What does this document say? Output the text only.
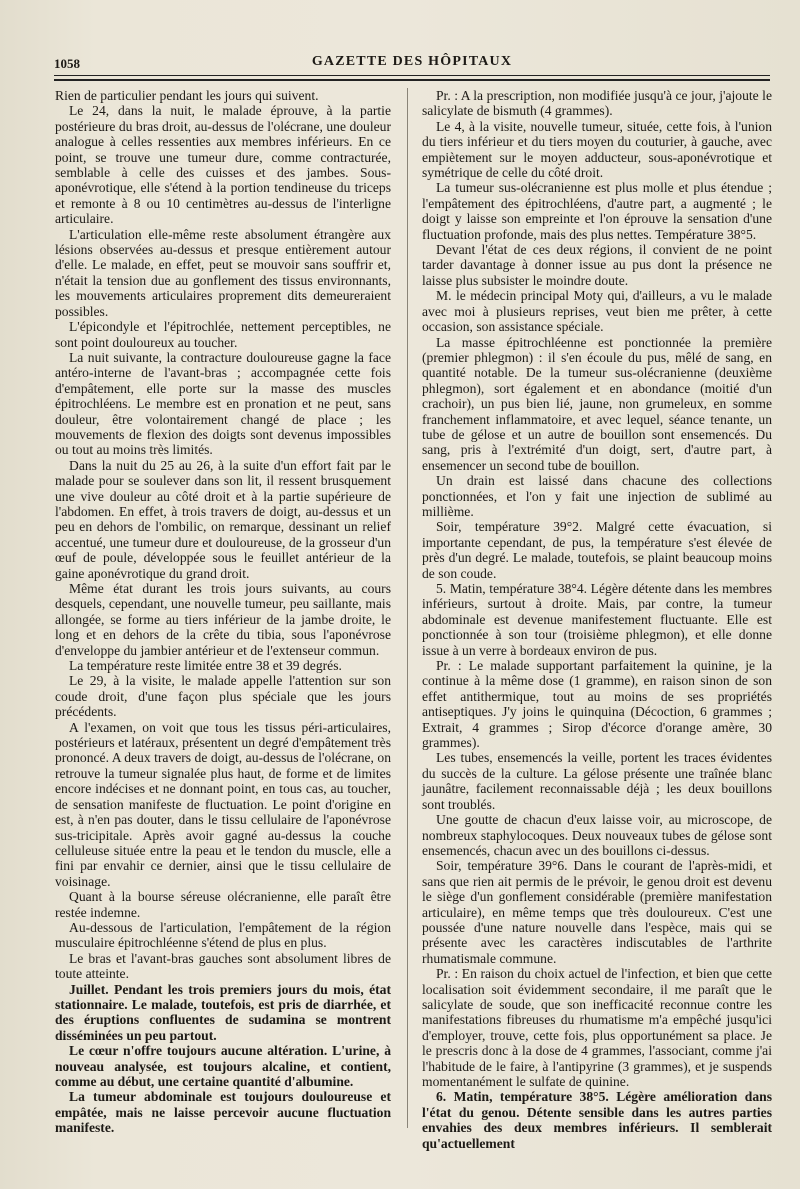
1058	GAZETTE DES HÔPITAUX

Rien de particulier pendant les jours qui suivent.

Le 24, dans la nuit, le malade éprouve, à la partie postérieure du bras droit, au-dessus de l'olécrane, une douleur analogue à celles ressenties aux membres inférieurs. En ce point, se trouve une tumeur dure, comme contracturée, semblable à celle des cuisses et des jambes. Sous-aponévrotique, elle s'étend à la portion tendineuse du triceps et remonte à 8 ou 10 centimètres au-dessus de l'interligne articulaire.

L'articulation elle-même reste absolument étrangère aux lésions observées au-dessus et presque entièrement autour d'elle. Le malade, en effet, peut se mouvoir sans souffrir et, n'était la tension due au gonflement des tissus environnants, les mouvements articulaires proprement dits demeureraient possibles.

L'épicondyle et l'épitrochlée, nettement perceptibles, ne sont point douloureux au toucher.

La nuit suivante, la contracture douloureuse gagne la face antéro-interne de l'avant-bras ; accompagnée cette fois d'empâtement, elle porte sur la masse des muscles épitrochléens. Le membre est en pronation et ne peut, sans douleur, être volontairement changé de place ; les mouvements de flexion des doigts sont devenus impossibles ou tout au moins très limités.

Dans la nuit du 25 au 26, à la suite d'un effort fait par le malade pour se soulever dans son lit, il ressent brusquement une vive douleur au côté droit et à la partie supérieure de l'abdomen. En effet, à trois travers de doigt, au-dessus et un peu en dehors de l'ombilic, on remarque, dessinant un relief accentué, une tumeur dure et douloureuse, de la grosseur d'un œuf de poule, développée sous le feuillet antérieur de la gaine aponévrotique du grand droit.

Même état durant les trois jours suivants, au cours desquels, cependant, une nouvelle tumeur, peu saillante, mais allongée, se forme au tiers inférieur de la jambe droite, le long et en dehors de la crête du tibia, sous l'aponévrose d'enveloppe du jambier antérieur et de l'extenseur commun.

La température reste limitée entre 38 et 39 degrés.

Le 29, à la visite, le malade appelle l'attention sur son coude droit, d'une façon plus spéciale que les jours précédents.

A l'examen, on voit que tous les tissus péri-articulaires, postérieurs et latéraux, présentent un degré d'empâtement très prononcé. A deux travers de doigt, au-dessus de l'olécrane, on retrouve la tumeur signalée plus haut, de forme et de limites encore indécises et ne donnant point, en tous cas, au toucher, de sensation manifeste de fluctuation. Le point d'origine en est, à n'en pas douter, dans le tissu cellulaire de l'aponévrose sus-tricipitale. Après avoir gagné au-dessus la couche celluleuse située entre la peau et le tendon du muscle, elle a fini par envahir ce dernier, ainsi que le tissu cellulaire de voisinage.

Quant à la bourse séreuse olécranienne, elle paraît être restée indemne.

Au-dessous de l'articulation, l'empâtement de la région musculaire épitrochléenne s'étend de plus en plus.

Le bras et l'avant-bras gauches sont absolument libres de toute atteinte.

Juillet. Pendant les trois premiers jours du mois, état stationnaire. Le malade, toutefois, est pris de diarrhée, et des éruptions confluentes de sudamina se montrent disséminées un peu partout.

Le cœur n'offre toujours aucune altération. L'urine, à nouveau analysée, est toujours alcaline, et contient, comme au début, une certaine quantité d'albumine.

La tumeur abdominale est toujours douloureuse et empâtée, mais ne laisse percevoir aucune fluctuation manifeste.

Pr. : A la prescription, non modifiée jusqu'à ce jour, j'ajoute le salicylate de bismuth (4 grammes).

Le 4, à la visite, nouvelle tumeur, située, cette fois, à l'union du tiers inférieur et du tiers moyen du couturier, à gauche, avec empiètement sur le moyen adducteur, sous-aponévrotique et symétrique de celle du côté droit.

La tumeur sus-olécranienne est plus molle et plus étendue ; l'empâtement des épitrochléens, d'autre part, a augmenté ; le doigt y laisse son empreinte et l'on éprouve la sensation d'une fluctuation profonde, mais des plus nettes. Température 38°5.

Devant l'état de ces deux régions, il convient de ne point tarder davantage à donner issue au pus dont la présence ne laisse plus subsister le moindre doute.

M. le médecin principal Moty qui, d'ailleurs, a vu le malade avec moi à plusieurs reprises, veut bien me prêter, à cette occasion, son assistance spéciale.

La masse épitrochléenne est ponctionnée la première (premier phlegmon) : il s'en écoule du pus, mêlé de sang, en quantité notable. De la tumeur sus-olécranienne (deuxième phlegmon), sort également et en abondance (moitié d'un crachoir), un pus bien lié, jaune, non grumeleux, en somme franchement inflammatoire, et avec lequel, séance tenante, un tube de gélose et un autre de bouillon sont ensemencés. Du sang, pris à l'extrémité d'un doigt, sert, d'autre part, à ensemencer un second tube de bouillon.

Un drain est laissé dans chacune des collections ponctionnées, et l'on y fait une injection de sublimé au millième.

Soir, température 39°2. Malgré cette évacuation, si importante cependant, de pus, la température s'est élevée de près d'un degré. Le malade, toutefois, se plaint beaucoup moins de son coude.

5. Matin, température 38°4. Légère détente dans les membres inférieurs, surtout à droite. Mais, par contre, la tumeur abdominale est devenue manifestement fluctuante. Elle est ponctionnée à son tour (troisième phlegmon), et elle donne issue à un verre à bordeaux environ de pus.

Pr. : Le malade supportant parfaitement la quinine, je la continue à la même dose (1 gramme), en raison sinon de son effet antithermique, tout au moins de ses propriétés antiseptiques. J'y joins le quinquina (Décoction, 6 grammes ; Extrait, 4 grammes ; Sirop d'écorce d'orange amère, 30 grammes).

Les tubes, ensemencés la veille, portent les traces évidentes du succès de la culture. La gélose présente une traînée blanc jaunâtre, facilement reconnaissable déjà ; les deux bouillons sont troublés.

Une goutte de chacun d'eux laisse voir, au microscope, de nombreux staphylocoques. Deux nouveaux tubes de gélose sont ensemencés, chacun avec un des bouillons ci-dessus.

Soir, température 39°6. Dans le courant de l'après-midi, et sans que rien ait permis de le prévoir, le genou droit est devenu le siège d'un gonflement considérable (première manifestation articulaire), en même temps que très douloureux. C'est une poussée d'une nature nouvelle dans l'espèce, mais qui se présente avec les caractères indiscutables de l'arthrite rhumatismale commune.

Pr. : En raison du choix actuel de l'infection, et bien que cette localisation soit évidemment secondaire, il me paraît que le salicylate de soude, que son inefficacité reconnue contre les manifestations fibreuses du rhumatisme m'a empêché jusqu'ici d'employer, trouve, cette fois, plus opportunément sa place. Je le prescris donc à la dose de 4 grammes, l'associant, comme j'ai l'habitude de le faire, à l'antipyrine (3 grammes), et je suspends momentanément le sulfate de quinine.

6. Matin, température 38°5. Légère amélioration dans l'état du genou. Détente sensible dans les autres parties envahies des deux membres inférieurs. Il semblerait qu'actuellement
